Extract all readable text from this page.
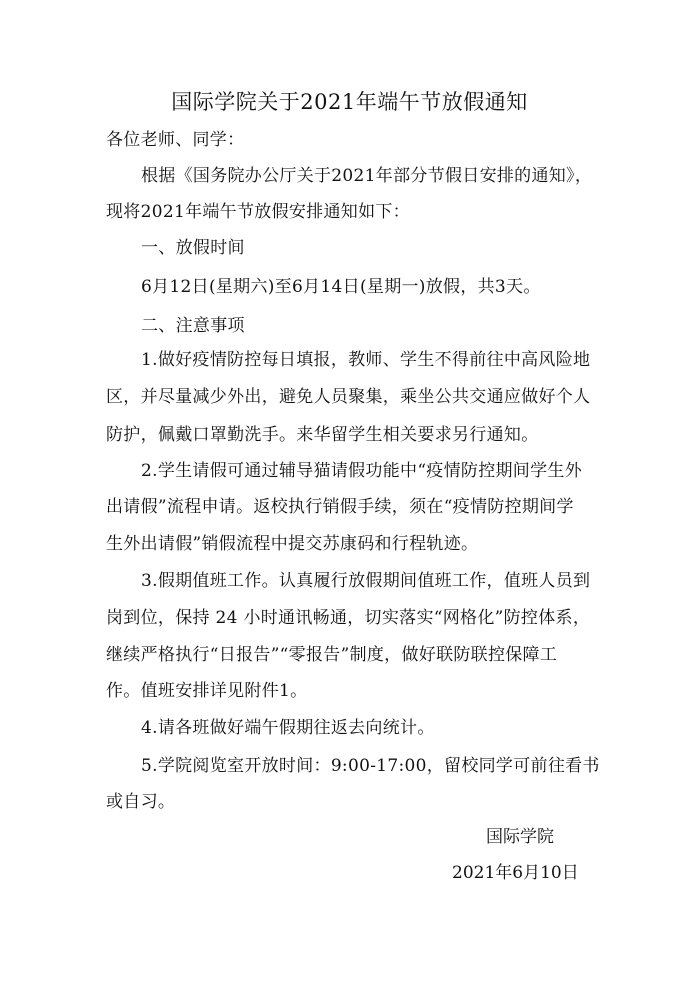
国际学院关于2021年端午节放假通知
各位老师、同学：
根据《国务院办公厅关于2021年部分节假日安排的通知》，
现将2021年端午节放假安排通知如下：
一、放假时间
6月12日(星期六)至6月14日(星期一)放假，共3天。
二、注意事项
1.做好疫情防控每日填报，教师、学生不得前往中高风险地
区，并尽量减少外出，避免人员聚集，乘坐公共交通应做好个人
防护，佩戴口罩勤洗手。来华留学生相关要求另行通知。
2.学生请假可通过辅导猫请假功能中“疫情防控期间学生外
出请假”流程申请。返校执行销假手续，须在“疫情防控期间学
生外出请假”销假流程中提交苏康码和行程轨迹。
3.假期值班工作。认真履行放假期间值班工作，值班人员到
岗到位，保持 24 小时通讯畅通，切实落实“网格化”防控体系，
继续严格执行“日报告”“零报告”制度，做好联防联控保障工
作。值班安排详见附件1。
4.请各班做好端午假期往返去向统计。
5.学院阅览室开放时间：9:00-17:00，留校同学可前往看书
或自习。
国际学院
2021年6月10日
